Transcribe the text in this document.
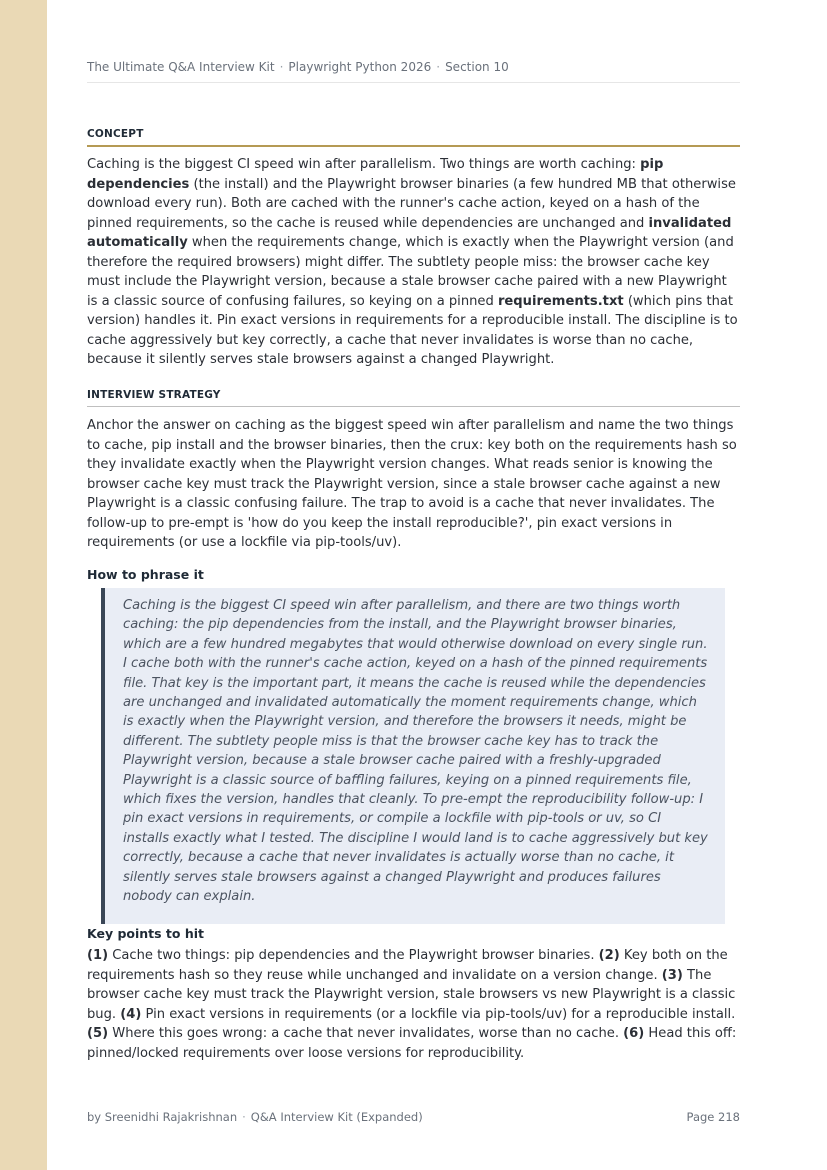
The Ultimate Q&A Interview Kit · Playwright Python 2026 · Section 10
CONCEPT
Caching is the biggest CI speed win after parallelism. Two things are worth caching: pip dependencies (the install) and the Playwright browser binaries (a few hundred MB that otherwise download every run). Both are cached with the runner's cache action, keyed on a hash of the pinned requirements, so the cache is reused while dependencies are unchanged and invalidated automatically when the requirements change, which is exactly when the Playwright version (and therefore the required browsers) might differ. The subtlety people miss: the browser cache key must include the Playwright version, because a stale browser cache paired with a new Playwright is a classic source of confusing failures, so keying on a pinned requirements.txt (which pins that version) handles it. Pin exact versions in requirements for a reproducible install. The discipline is to cache aggressively but key correctly, a cache that never invalidates is worse than no cache, because it silently serves stale browsers against a changed Playwright.
INTERVIEW STRATEGY
Anchor the answer on caching as the biggest speed win after parallelism and name the two things to cache, pip install and the browser binaries, then the crux: key both on the requirements hash so they invalidate exactly when the Playwright version changes. What reads senior is knowing the browser cache key must track the Playwright version, since a stale browser cache against a new Playwright is a classic confusing failure. The trap to avoid is a cache that never invalidates. The follow-up to pre-empt is 'how do you keep the install reproducible?', pin exact versions in requirements (or use a lockfile via pip-tools/uv).
How to phrase it
Caching is the biggest CI speed win after parallelism, and there are two things worth caching: the pip dependencies from the install, and the Playwright browser binaries, which are a few hundred megabytes that would otherwise download on every single run. I cache both with the runner's cache action, keyed on a hash of the pinned requirements file. That key is the important part, it means the cache is reused while the dependencies are unchanged and invalidated automatically the moment requirements change, which is exactly when the Playwright version, and therefore the browsers it needs, might be different. The subtlety people miss is that the browser cache key has to track the Playwright version, because a stale browser cache paired with a freshly-upgraded Playwright is a classic source of baffling failures, keying on a pinned requirements file, which fixes the version, handles that cleanly. To pre-empt the reproducibility follow-up: I pin exact versions in requirements, or compile a lockfile with pip-tools or uv, so CI installs exactly what I tested. The discipline I would land is to cache aggressively but key correctly, because a cache that never invalidates is actually worse than no cache, it silently serves stale browsers against a changed Playwright and produces failures nobody can explain.
Key points to hit
(1) Cache two things: pip dependencies and the Playwright browser binaries. (2) Key both on the requirements hash so they reuse while unchanged and invalidate on a version change. (3) The browser cache key must track the Playwright version, stale browsers vs new Playwright is a classic bug. (4) Pin exact versions in requirements (or a lockfile via pip-tools/uv) for a reproducible install. (5) Where this goes wrong: a cache that never invalidates, worse than no cache. (6) Head this off: pinned/locked requirements over loose versions for reproducibility.
by Sreenidhi Rajakrishnan · Q&A Interview Kit (Expanded)	Page 218
